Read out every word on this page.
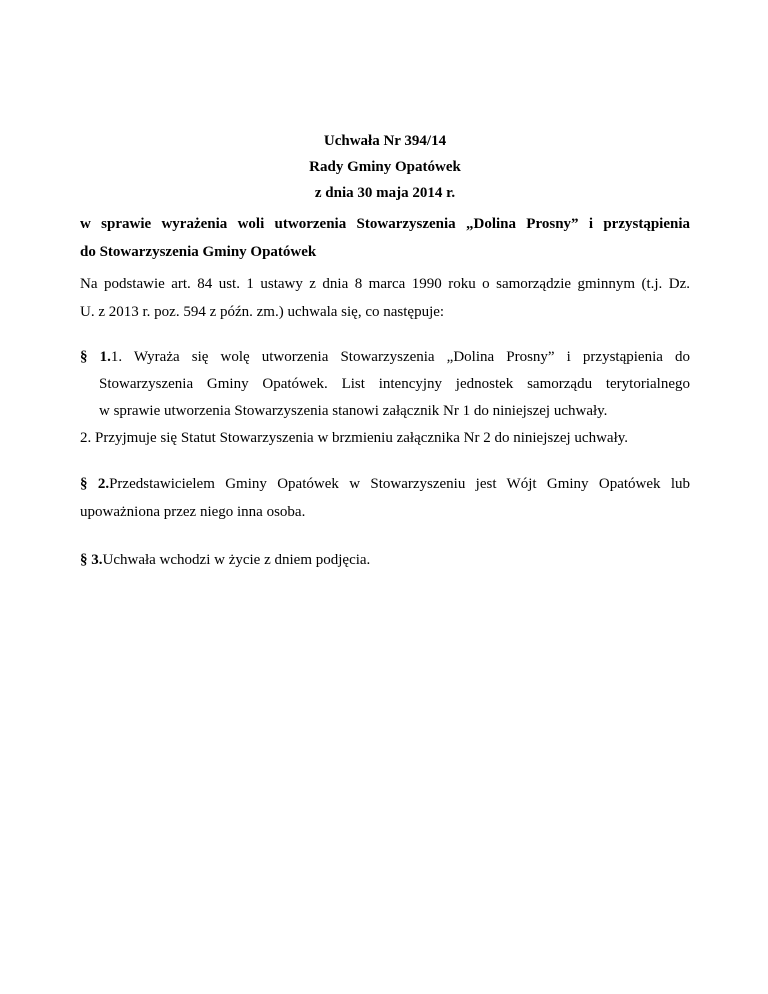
Uchwała Nr 394/14
Rady Gminy Opatówek
z dnia 30 maja 2014 r.
w sprawie wyrażenia woli utworzenia Stowarzyszenia „Dolina Prosny” i przystąpienia
do Stowarzyszenia Gminy Opatówek
Na podstawie art. 84 ust. 1 ustawy z dnia 8 marca 1990 roku o samorządzie gminnym (t.j. Dz.
U. z 2013 r. poz. 594 z późn. zm.) uchwala się, co następuje:
§ 1.1. Wyraża się wolę utworzenia Stowarzyszenia „Dolina Prosny” i przystąpienia do
Stowarzyszenia Gminy Opatówek. List intencyjny jednostek samorządu terytorialnego
w sprawie utworzenia Stowarzyszenia stanowi załącznik Nr 1 do niniejszej uchwały.
2. Przyjmuje się Statut Stowarzyszenia w brzmieniu załącznika Nr 2 do niniejszej uchwały.
§ 2.Przedstawicielem Gminy Opatówek w Stowarzyszeniu jest Wójt Gminy Opatówek lub
upoważniona przez niego inna osoba.
§ 3.Uchwała wchodzi w życie z dniem podjęcia.
